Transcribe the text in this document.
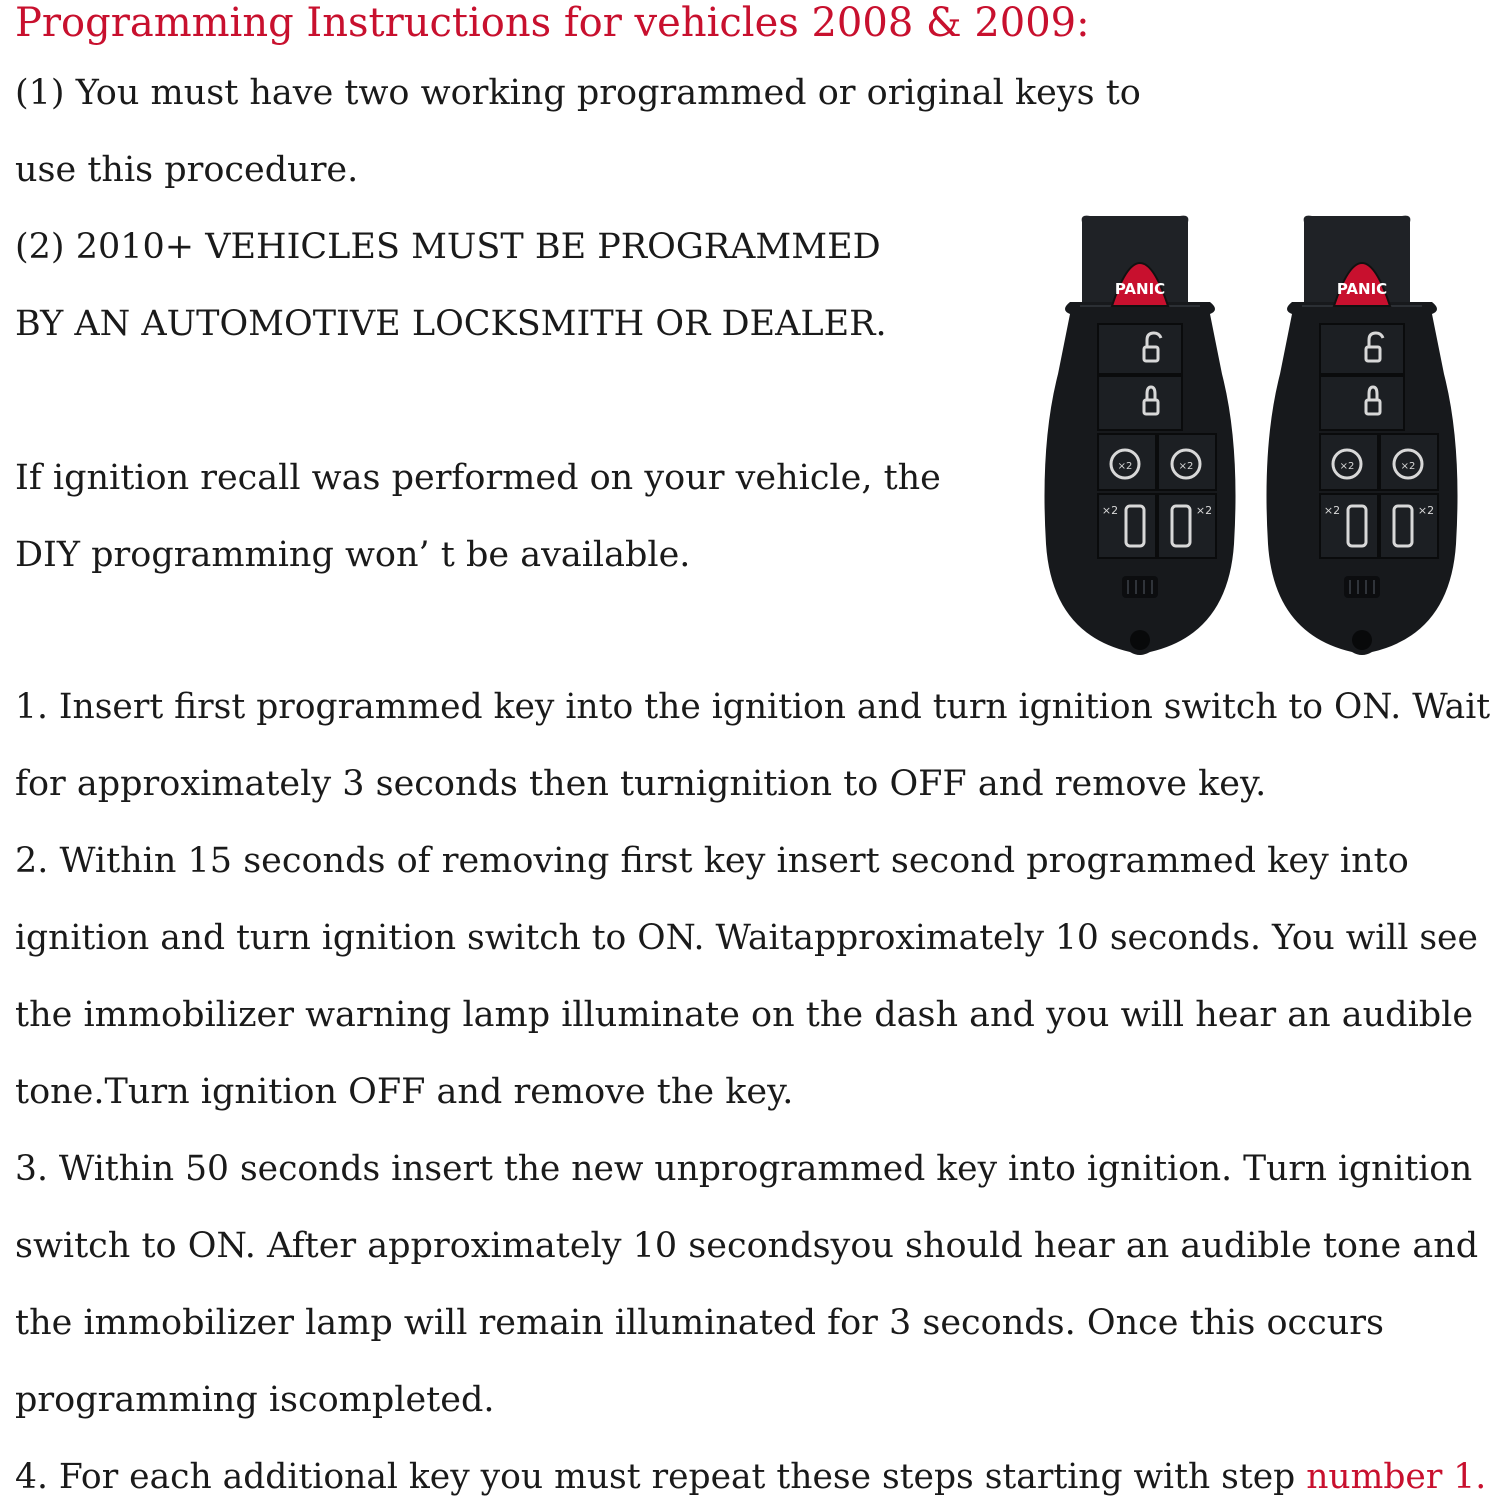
Programming Instructions for vehicles 2008 & 2009:

(1) You must have two working programmed or original keys to

use this procedure.

(2) 2010+ VEHICLES MUST BE PROGRAMMED

BY AN AUTOMOTIVE LOCKSMITH OR DEALER.

If ignition recall was performed on your vehicle, the

DIY programming won’ t be available.

1. Insert first programmed key into the ignition and turn ignition switch to ON. Wait

for approximately 3 seconds then turnignition to OFF and remove key.

2. Within 15 seconds of removing first key insert second programmed key into

ignition and turn ignition switch to ON. Waitapproximately 10 seconds. You will see

the immobilizer warning lamp illuminate on the dash and you will hear an audible

tone.Turn ignition OFF and remove the key.

3. Within 50 seconds insert the new unprogrammed key into ignition. Turn ignition

switch to ON. After approximately 10 secondsyou should hear an audible tone and

the immobilizer lamp will remain illuminated for 3 seconds. Once this occurs

programming iscompleted.

4. For each additional key you must repeat these steps starting with step number 1.

PANIC
×2	×2
×2	×2
PANIC
×2	×2
×2	×2
